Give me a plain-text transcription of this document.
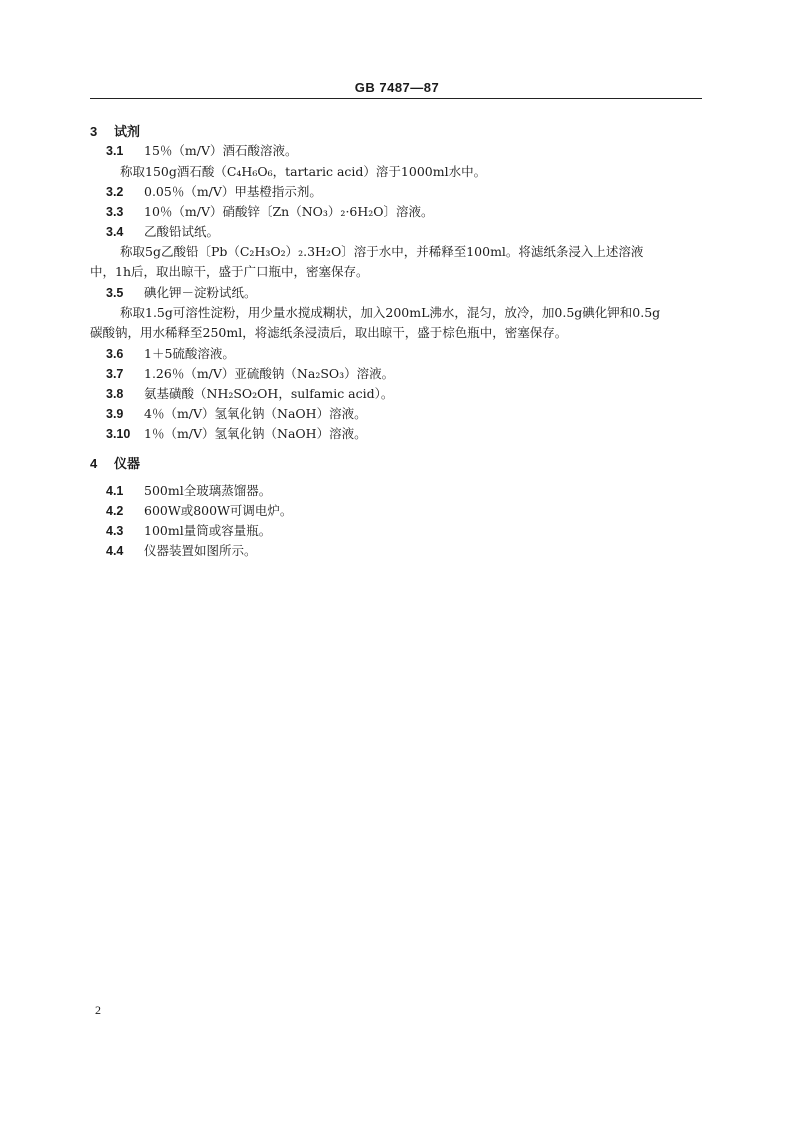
GB 7487—87
3 试剂
3.1 15％（m/V）酒石酸溶液。
称取150g酒石酸（C₄H₆O₆，tartaric acid）溶于1000ml水中。
3.2 0.05％（m/V）甲基橙指示剂。
3.3 10％（m/V）硝酸锌〔Zn（NO₃）₂·6H₂O〕溶液。
3.4 乙酸铅试纸。
称取5g乙酸铅〔Pb（C₂H₃O₂）₂.3H₂O〕溶于水中，并稀释至100ml。将滤纸条浸入上述溶液
中，1h后，取出晾干，盛于广口瓶中，密塞保存。
3.5 碘化钾－淀粉试纸。
称取1.5g可溶性淀粉，用少量水搅成糊状，加入200mL沸水，混匀，放冷，加0.5g碘化钾和0.5g
碳酸钠，用水稀释至250ml，将滤纸条浸渍后，取出晾干，盛于棕色瓶中，密塞保存。
3.6 1＋5硫酸溶液。
3.7 1.26％（m/V）亚硫酸钠（Na₂SO₃）溶液。
3.8 氨基磺酸（NH₂SO₂OH，sulfamic acid）。
3.9 4％（m/V）氢氧化钠（NaOH）溶液。
3.10 1％（m/V）氢氧化钠（NaOH）溶液。
4 仪器
4.1 500ml全玻璃蒸馏器。
4.2 600W或800W可调电炉。
4.3 100ml量筒或容量瓶。
4.4 仪器装置如图所示。
2
